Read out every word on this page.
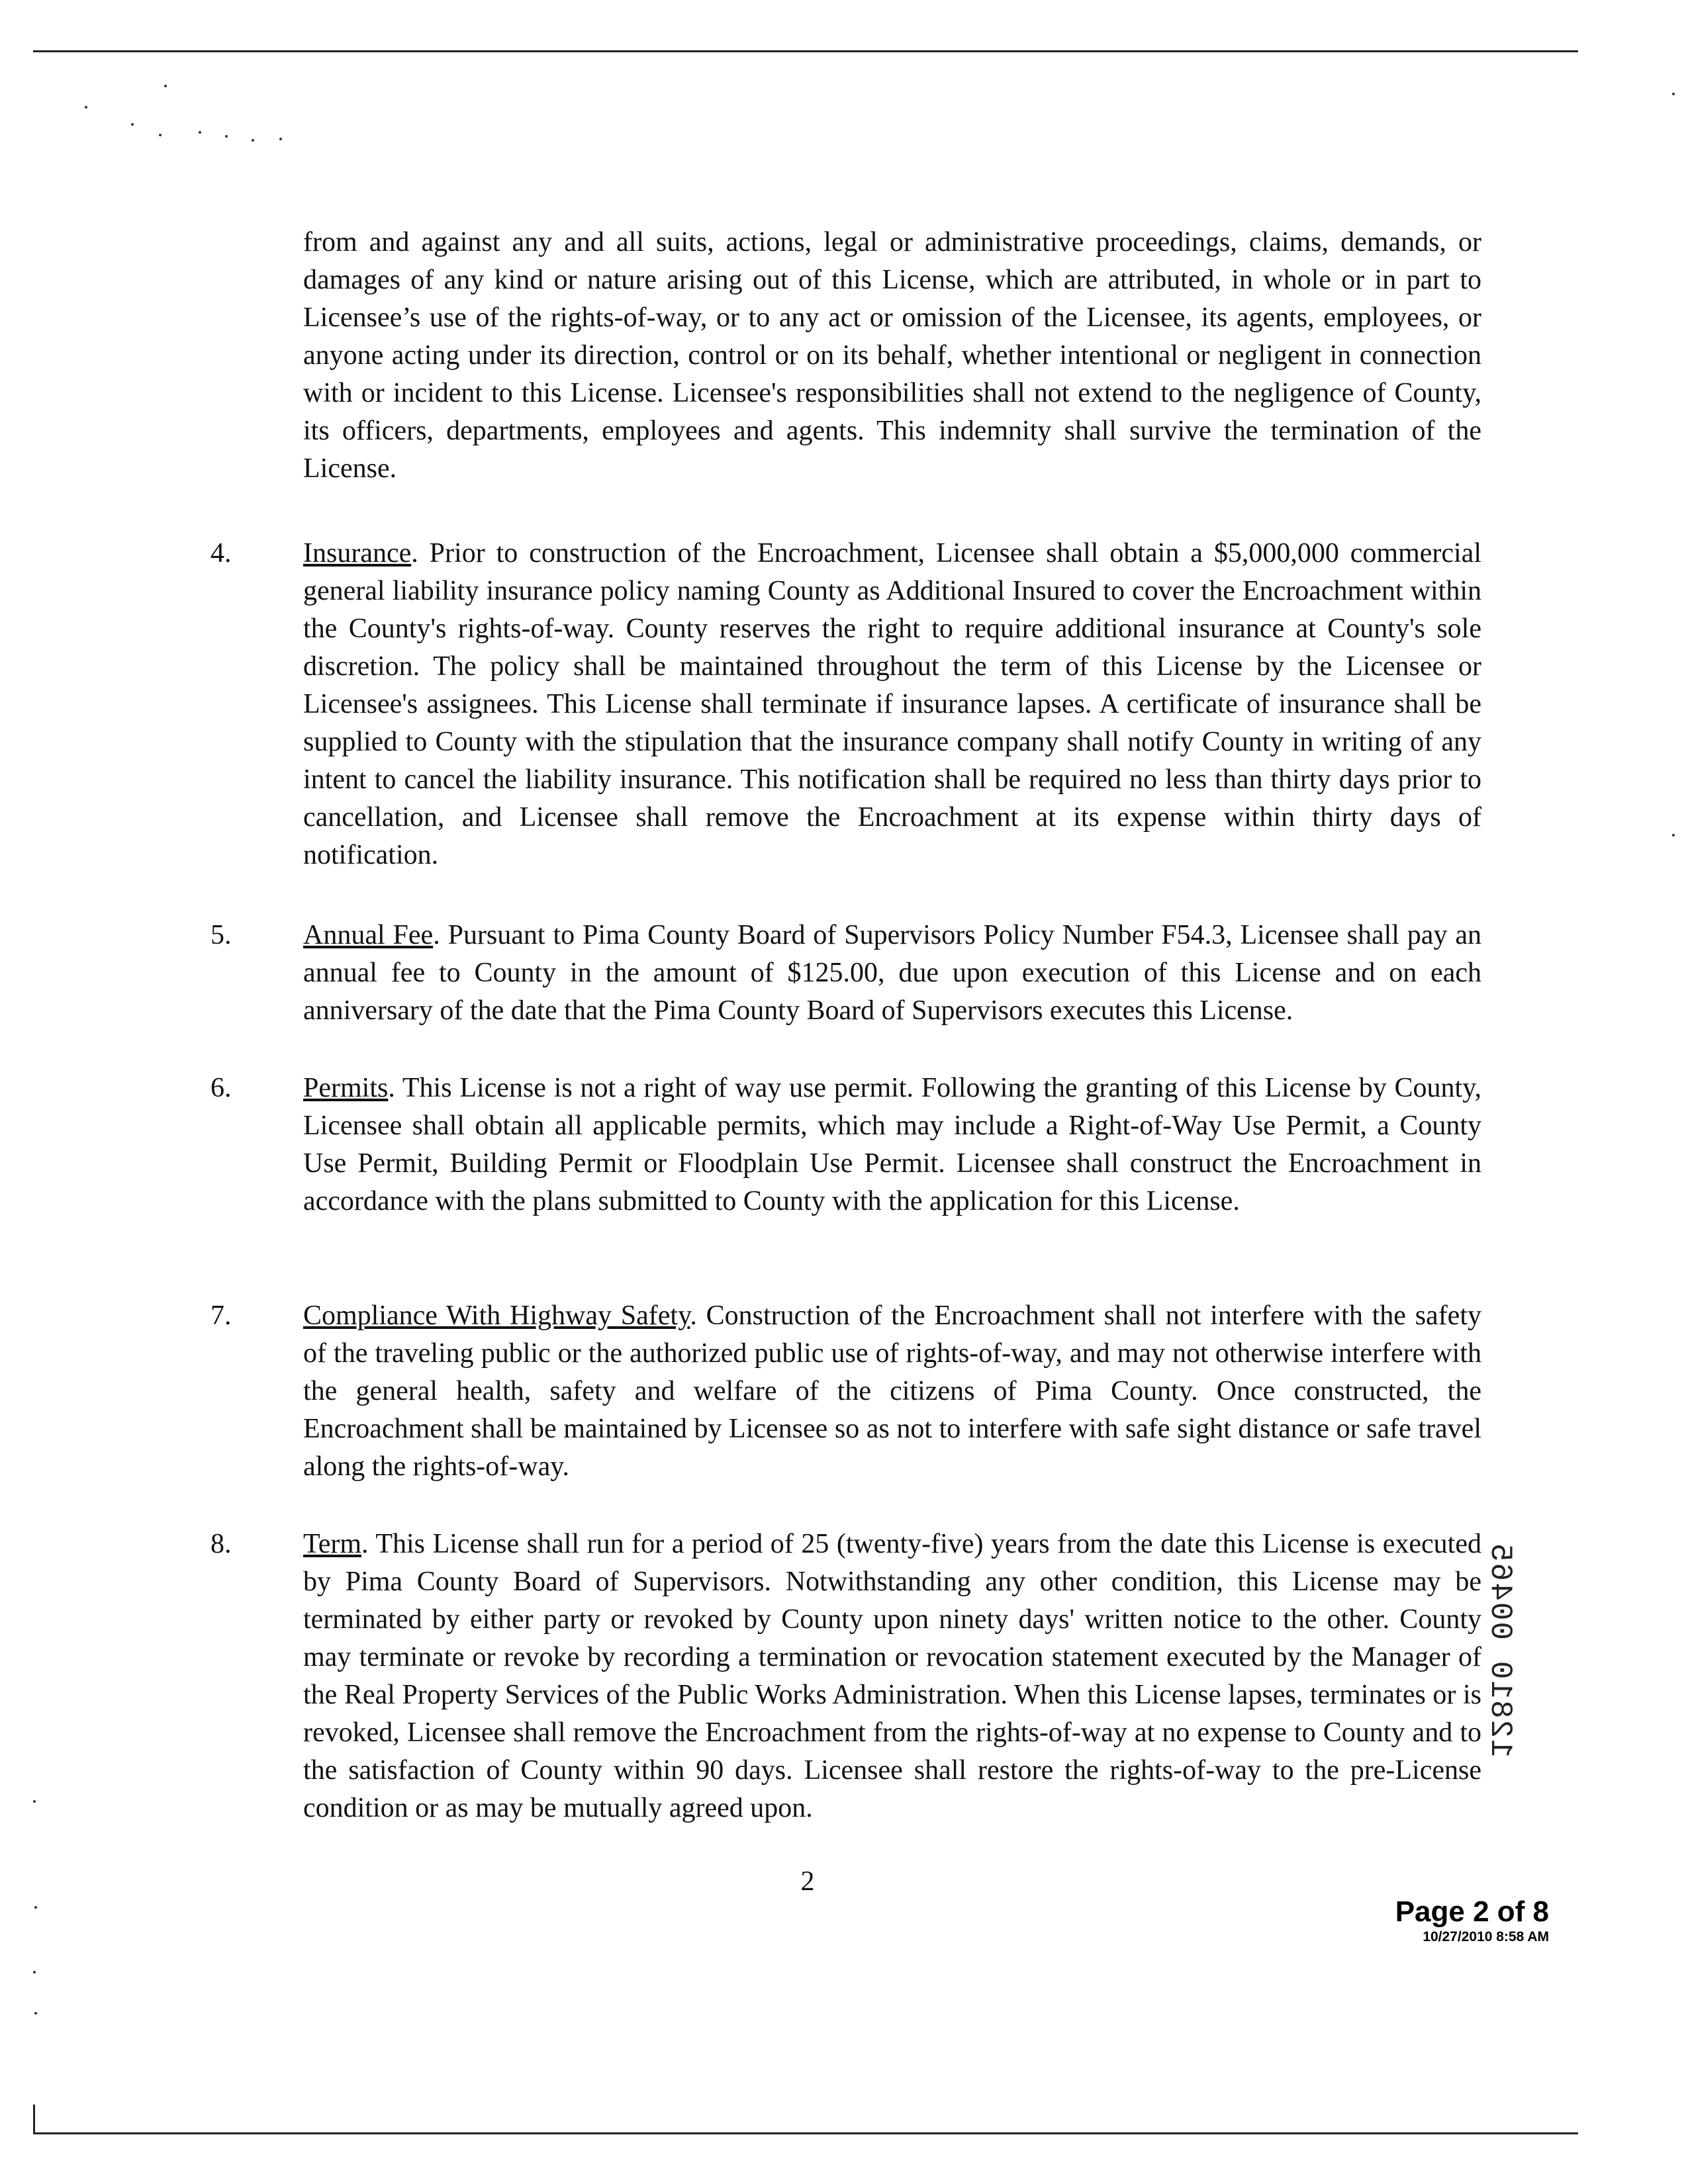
from and against any and all suits, actions, legal or administrative proceedings, claims, demands, or damages of any kind or nature arising out of this License, which are attributed, in whole or in part to Licensee’s use of the rights-of-way, or to any act or omission of the Licensee, its agents, employees, or anyone acting under its direction, control or on its behalf, whether intentional or negligent in connection with or incident to this License. Licensee's responsibilities shall not extend to the negligence of County, its officers, departments, employees and agents. This indemnity shall survive the termination of the License.

4.	Insurance. Prior to construction of the Encroachment, Licensee shall obtain a $5,000,000 commercial general liability insurance policy naming County as Additional Insured to cover the Encroachment within the County's rights-of-way. County reserves the right to require additional insurance at County's sole discretion. The policy shall be maintained throughout the term of this License by the Licensee or Licensee's assignees. This License shall terminate if insurance lapses. A certificate of insurance shall be supplied to County with the stipulation that the insurance company shall notify County in writing of any intent to cancel the liability insurance. This notification shall be required no less than thirty days prior to cancellation, and Licensee shall remove the Encroachment at its expense within thirty days of notification.

5.	Annual Fee. Pursuant to Pima County Board of Supervisors Policy Number F54.3, Licensee shall pay an annual fee to County in the amount of $125.00, due upon execution of this License and on each anniversary of the date that the Pima County Board of Supervisors executes this License.

6.	Permits. This License is not a right of way use permit. Following the granting of this License by County, Licensee shall obtain all applicable permits, which may include a Right-of-Way Use Permit, a County Use Permit, Building Permit or Floodplain Use Permit. Licensee shall construct the Encroachment in accordance with the plans submitted to County with the application for this License.

7.	Compliance With Highway Safety. Construction of the Encroachment shall not interfere with the safety of the traveling public or the authorized public use of rights-of-way, and may not otherwise interfere with the general health, safety and welfare of the citizens of Pima County. Once constructed, the Encroachment shall be maintained by Licensee so as not to interfere with safe sight distance or safe travel along the rights-of-way.

8.	Term. This License shall run for a period of 25 (twenty-five) years from the date this License is executed by Pima County Board of Supervisors. Notwithstanding any other condition, this License may be terminated by either party or revoked by County upon ninety days' written notice to the other. County may terminate or revoke by recording a termination or revocation statement executed by the Manager of the Real Property Services of the Public Works Administration. When this License lapses, terminates or is revoked, Licensee shall remove the Encroachment from the rights-of-way at no expense to County and to the satisfaction of County within 90 days. Licensee shall restore the rights-of-way to the pre-License condition or as may be mutually agreed upon.

12810 00465
2
Page 2 of 8
10/27/2010 8:58 AM
